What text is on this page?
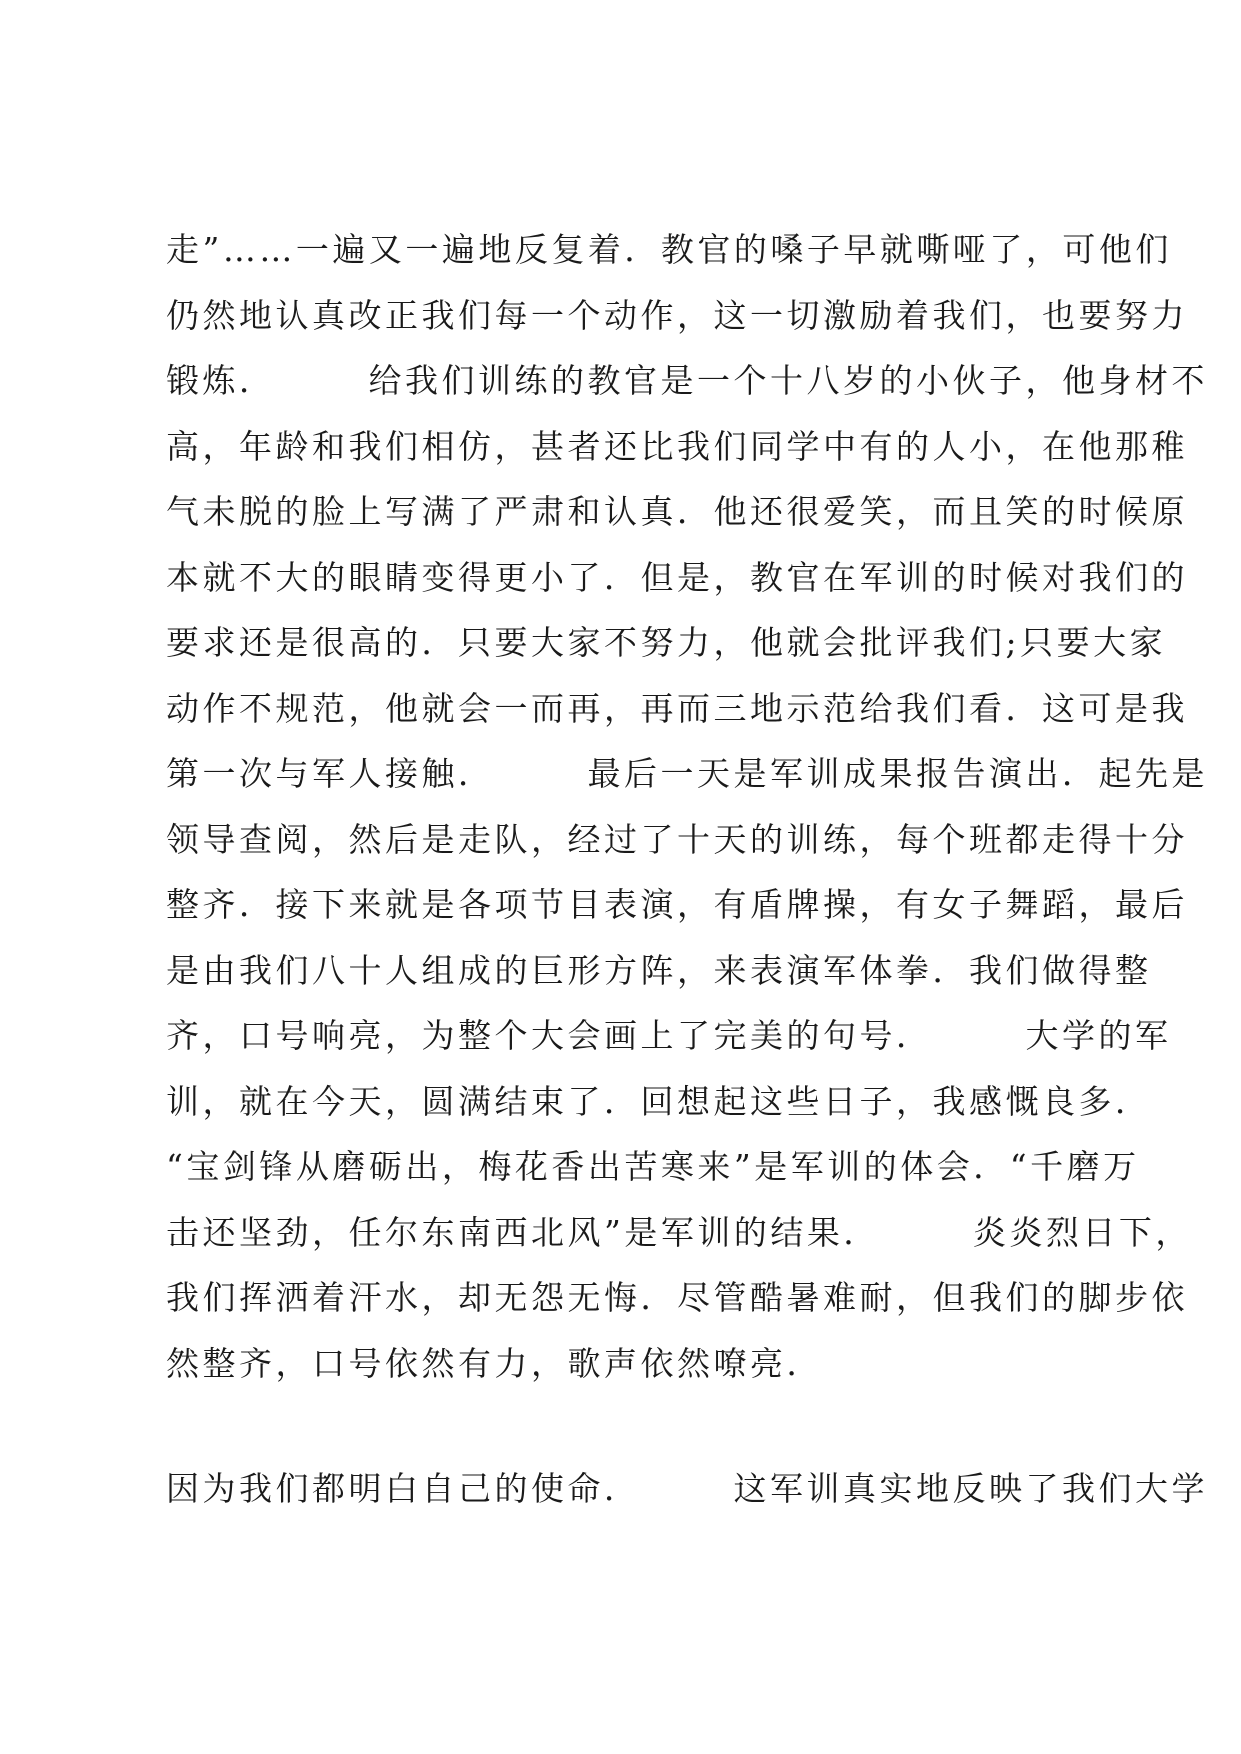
走”……一遍又一遍地反复着．教官的嗓子早就嘶哑了，可他们
仍然地认真改正我们每一个动作，这一切激励着我们，也要努力
锻炼．　　　给我们训练的教官是一个十八岁的小伙子，他身材不
高，年龄和我们相仿，甚者还比我们同学中有的人小，在他那稚
气未脱的脸上写满了严肃和认真．他还很爱笑，而且笑的时候原
本就不大的眼睛变得更小了．但是，教官在军训的时候对我们的
要求还是很高的．只要大家不努力，他就会批评我们;只要大家
动作不规范，他就会一而再，再而三地示范给我们看．这可是我
第一次与军人接触．　　　最后一天是军训成果报告演出．起先是
领导查阅，然后是走队，经过了十天的训练，每个班都走得十分
整齐．接下来就是各项节目表演，有盾牌操，有女子舞蹈，最后
是由我们八十人组成的巨形方阵，来表演军体拳．我们做得整
齐，口号响亮，为整个大会画上了完美的句号．　　　大学的军
训，就在今天，圆满结束了．回想起这些日子，我感慨良多．
“宝剑锋从磨砺出，梅花香出苦寒来”是军训的体会．“千磨万
击还坚劲，任尔东南西北风”是军训的结果．　　　炎炎烈日下，
我们挥洒着汗水，却无怨无悔．尽管酷暑难耐，但我们的脚步依
然整齐，口号依然有力，歌声依然嘹亮．
因为我们都明白自己的使命．　　　这军训真实地反映了我们大学
